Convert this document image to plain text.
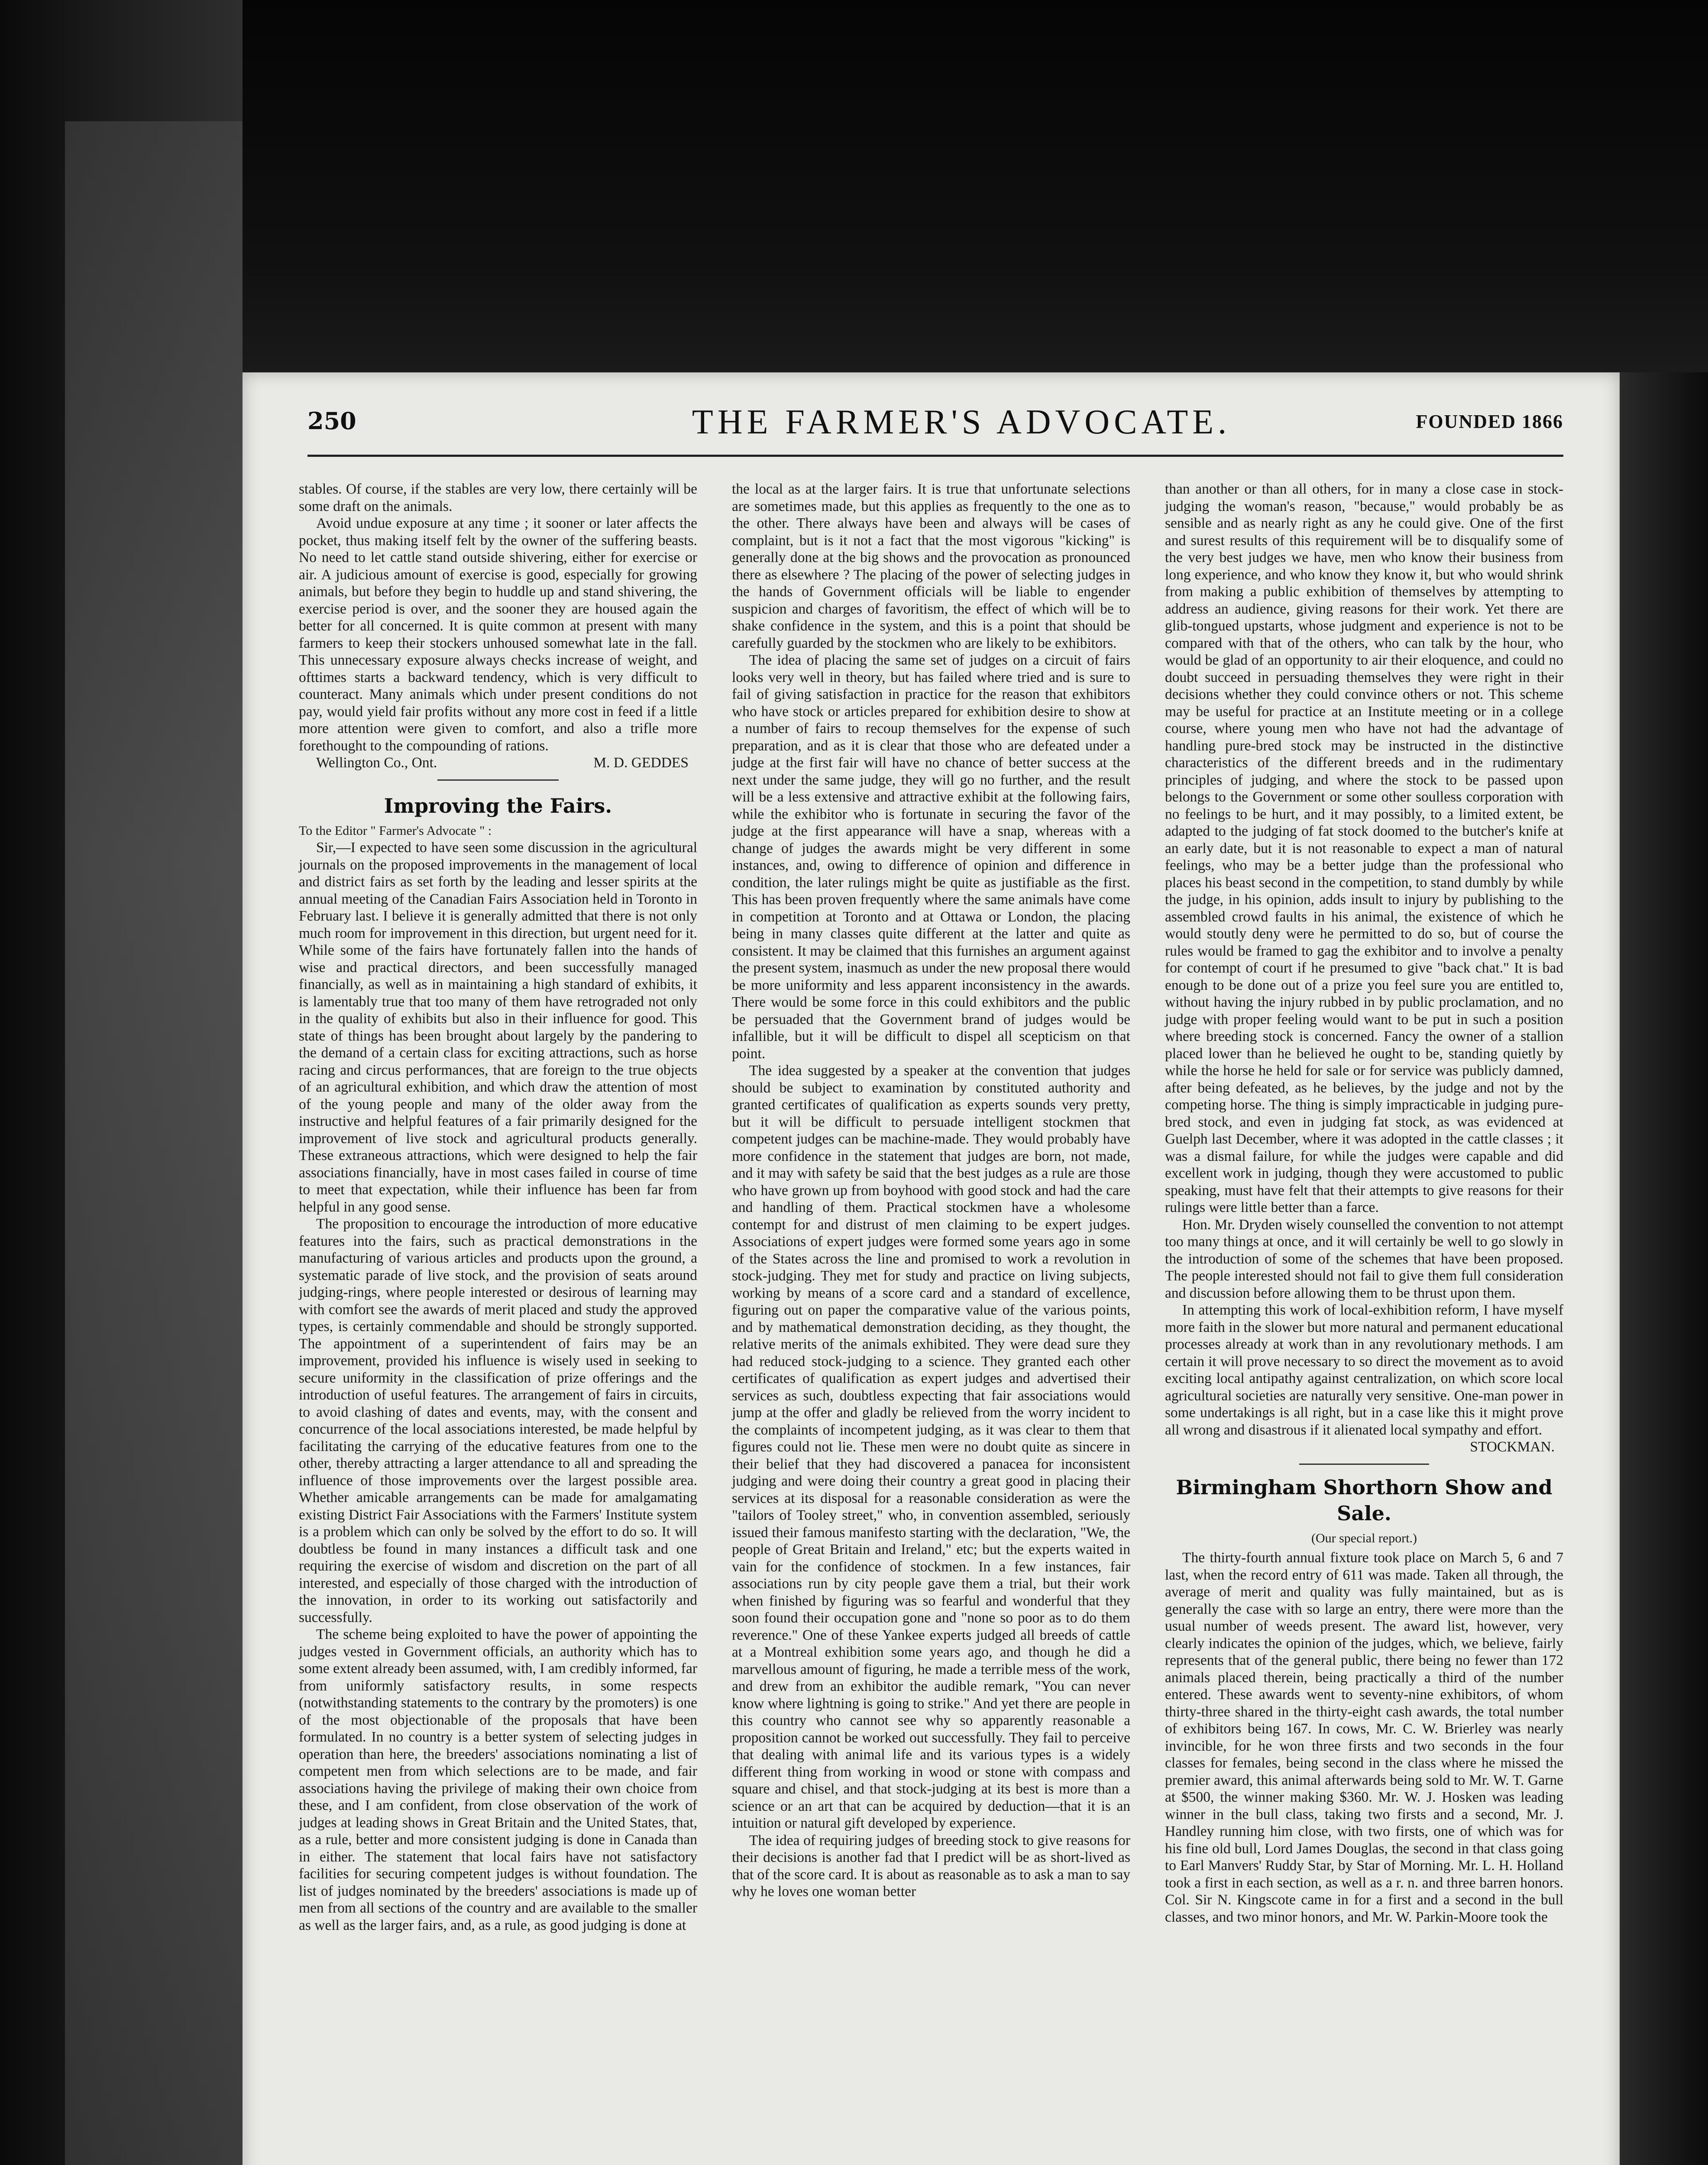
250	THE FARMER'S ADVOCATE.	FOUNDED 1866

stables. Of course, if the stables are very low, there certainly will be some draft on the animals.

Avoid undue exposure at any time ; it sooner or later affects the pocket, thus making itself felt by the owner of the suffering beasts. No need to let cattle stand outside shivering, either for exercise or air. A judicious amount of exercise is good, especially for growing animals, but before they begin to huddle up and stand shivering, the exercise period is over, and the sooner they are housed again the better for all concerned. It is quite common at present with many farmers to keep their stockers unhoused somewhat late in the fall. This unnecessary exposure always checks increase of weight, and ofttimes starts a backward tendency, which is very difficult to counteract. Many animals which under present conditions do not pay, would yield fair profits without any more cost in feed if a little more attention were given to comfort, and also a trifle more forethought to the compounding of rations.

Wellington Co., Ont.	M. D. GEDDES
Improving the Fairs.

To the Editor " Farmer's Advocate " :

Sir,—I expected to have seen some discussion in the agricultural journals on the proposed improvements in the management of local and district fairs as set forth by the leading and lesser spirits at the annual meeting of the Canadian Fairs Association held in Toronto in February last. I believe it is generally admitted that there is not only much room for improvement in this direction, but urgent need for it. While some of the fairs have fortunately fallen into the hands of wise and practical directors, and been successfully managed financially, as well as in maintaining a high standard of exhibits, it is lamentably true that too many of them have retrograded not only in the quality of exhibits but also in their influence for good. This state of things has been brought about largely by the pandering to the demand of a certain class for exciting attractions, such as horse racing and circus performances, that are foreign to the true objects of an agricultural exhibition, and which draw the attention of most of the young people and many of the older away from the instructive and helpful features of a fair primarily designed for the improvement of live stock and agricultural products generally. These extraneous attractions, which were designed to help the fair associations financially, have in most cases failed in course of time to meet that expectation, while their influence has been far from helpful in any good sense.

The proposition to encourage the introduction of more educative features into the fairs, such as practical demonstrations in the manufacturing of various articles and products upon the ground, a systematic parade of live stock, and the provision of seats around judging-rings, where people interested or desirous of learning may with comfort see the awards of merit placed and study the approved types, is certainly commendable and should be strongly supported. The appointment of a superintendent of fairs may be an improvement, provided his influence is wisely used in seeking to secure uniformity in the classification of prize offerings and the introduction of useful features. The arrangement of fairs in circuits, to avoid clashing of dates and events, may, with the consent and concurrence of the local associations interested, be made helpful by facilitating the carrying of the educative features from one to the other, thereby attracting a larger attendance to all and spreading the influence of those improvements over the largest possible area. Whether amicable arrangements can be made for amalgamating existing District Fair Associations with the Farmers' Institute system is a problem which can only be solved by the effort to do so. It will doubtless be found in many instances a difficult task and one requiring the exercise of wisdom and discretion on the part of all interested, and especially of those charged with the introduction of the innovation, in order to its working out satisfactorily and successfully.

The scheme being exploited to have the power of appointing the judges vested in Government officials, an authority which has to some extent already been assumed, with, I am credibly informed, far from uniformly satisfactory results, in some respects (notwithstanding statements to the contrary by the promoters) is one of the most objectionable of the proposals that have been formulated. In no country is a better system of selecting judges in operation than here, the breeders' associations nominating a list of competent men from which selections are to be made, and fair associations having the privilege of making their own choice from these, and I am confident, from close observation of the work of judges at leading shows in Great Britain and the United States, that, as a rule, better and more consistent judging is done in Canada than in either. The statement that local fairs have not satisfactory facilities for securing competent judges is without foundation. The list of judges nominated by the breeders' associations is made up of men from all sections of the country and are available to the smaller as well as the larger fairs, and, as a rule, as good judging is done at

the local as at the larger fairs. It is true that unfortunate selections are sometimes made, but this applies as frequently to the one as to the other. There always have been and always will be cases of complaint, but is it not a fact that the most vigorous "kicking" is generally done at the big shows and the provocation as pronounced there as elsewhere ? The placing of the power of selecting judges in the hands of Government officials will be liable to engender suspicion and charges of favoritism, the effect of which will be to shake confidence in the system, and this is a point that should be carefully guarded by the stockmen who are likely to be exhibitors.

The idea of placing the same set of judges on a circuit of fairs looks very well in theory, but has failed where tried and is sure to fail of giving satisfaction in practice for the reason that exhibitors who have stock or articles prepared for exhibition desire to show at a number of fairs to recoup themselves for the expense of such preparation, and as it is clear that those who are defeated under a judge at the first fair will have no chance of better success at the next under the same judge, they will go no further, and the result will be a less extensive and attractive exhibit at the following fairs, while the exhibitor who is fortunate in securing the favor of the judge at the first appearance will have a snap, whereas with a change of judges the awards might be very different in some instances, and, owing to difference of opinion and difference in condition, the later rulings might be quite as justifiable as the first. This has been proven frequently where the same animals have come in competition at Toronto and at Ottawa or London, the placing being in many classes quite different at the latter and quite as consistent. It may be claimed that this furnishes an argument against the present system, inasmuch as under the new proposal there would be more uniformity and less apparent inconsistency in the awards. There would be some force in this could exhibitors and the public be persuaded that the Government brand of judges would be infallible, but it will be difficult to dispel all scepticism on that point.

The idea suggested by a speaker at the convention that judges should be subject to examination by constituted authority and granted certificates of qualification as experts sounds very pretty, but it will be difficult to persuade intelligent stockmen that competent judges can be machine-made. They would probably have more confidence in the statement that judges are born, not made, and it may with safety be said that the best judges as a rule are those who have grown up from boyhood with good stock and had the care and handling of them. Practical stockmen have a wholesome contempt for and distrust of men claiming to be expert judges. Associations of expert judges were formed some years ago in some of the States across the line and promised to work a revolution in stock-judging. They met for study and practice on living subjects, working by means of a score card and a standard of excellence, figuring out on paper the comparative value of the various points, and by mathematical demonstration deciding, as they thought, the relative merits of the animals exhibited. They were dead sure they had reduced stock-judging to a science. They granted each other certificates of qualification as expert judges and advertised their services as such, doubtless expecting that fair associations would jump at the offer and gladly be relieved from the worry incident to the complaints of incompetent judging, as it was clear to them that figures could not lie. These men were no doubt quite as sincere in their belief that they had discovered a panacea for inconsistent judging and were doing their country a great good in placing their services at its disposal for a reasonable consideration as were the "tailors of Tooley street," who, in convention assembled, seriously issued their famous manifesto starting with the declaration, "We, the people of Great Britain and Ireland," etc; but the experts waited in vain for the confidence of stockmen. In a few instances, fair associations run by city people gave them a trial, but their work when finished by figuring was so fearful and wonderful that they soon found their occupation gone and "none so poor as to do them reverence." One of these Yankee experts judged all breeds of cattle at a Montreal exhibition some years ago, and though he did a marvellous amount of figuring, he made a terrible mess of the work, and drew from an exhibitor the audible remark, "You can never know where lightning is going to strike." And yet there are people in this country who cannot see why so apparently reasonable a proposition cannot be worked out successfully. They fail to perceive that dealing with animal life and its various types is a widely different thing from working in wood or stone with compass and square and chisel, and that stock-judging at its best is more than a science or an art that can be acquired by deduction—that it is an intuition or natural gift developed by experience.

The idea of requiring judges of breeding stock to give reasons for their decisions is another fad that I predict will be as short-lived as that of the score card. It is about as reasonable as to ask a man to say why he loves one woman better

than another or than all others, for in many a close case in stock-judging the woman's reason, "because," would probably be as sensible and as nearly right as any he could give. One of the first and surest results of this requirement will be to disqualify some of the very best judges we have, men who know their business from long experience, and who know they know it, but who would shrink from making a public exhibition of themselves by attempting to address an audience, giving reasons for their work. Yet there are glib-tongued upstarts, whose judgment and experience is not to be compared with that of the others, who can talk by the hour, who would be glad of an opportunity to air their eloquence, and could no doubt succeed in persuading themselves they were right in their decisions whether they could convince others or not. This scheme may be useful for practice at an Institute meeting or in a college course, where young men who have not had the advantage of handling pure-bred stock may be instructed in the distinctive characteristics of the different breeds and in the rudimentary principles of judging, and where the stock to be passed upon belongs to the Government or some other soulless corporation with no feelings to be hurt, and it may possibly, to a limited extent, be adapted to the judging of fat stock doomed to the butcher's knife at an early date, but it is not reasonable to expect a man of natural feelings, who may be a better judge than the professional who places his beast second in the competition, to stand dumbly by while the judge, in his opinion, adds insult to injury by publishing to the assembled crowd faults in his animal, the existence of which he would stoutly deny were he permitted to do so, but of course the rules would be framed to gag the exhibitor and to involve a penalty for contempt of court if he presumed to give "back chat." It is bad enough to be done out of a prize you feel sure you are entitled to, without having the injury rubbed in by public proclamation, and no judge with proper feeling would want to be put in such a position where breeding stock is concerned. Fancy the owner of a stallion placed lower than he believed he ought to be, standing quietly by while the horse he held for sale or for service was publicly damned, after being defeated, as he believes, by the judge and not by the competing horse. The thing is simply impracticable in judging pure-bred stock, and even in judging fat stock, as was evidenced at Guelph last December, where it was adopted in the cattle classes ; it was a dismal failure, for while the judges were capable and did excellent work in judging, though they were accustomed to public speaking, must have felt that their attempts to give reasons for their rulings were little better than a farce.

Hon. Mr. Dryden wisely counselled the convention to not attempt too many things at once, and it will certainly be well to go slowly in the introduction of some of the schemes that have been proposed. The people interested should not fail to give them full consideration and discussion before allowing them to be thrust upon them.

In attempting this work of local-exhibition reform, I have myself more faith in the slower but more natural and permanent educational processes already at work than in any revolutionary methods. I am certain it will prove necessary to so direct the movement as to avoid exciting local antipathy against centralization, on which score local agricultural societies are naturally very sensitive. One-man power in some undertakings is all right, but in a case like this it might prove all wrong and disastrous if it alienated local sympathy and effort.

STOCKMAN.
Birmingham Shorthorn Show and Sale.
(Our special report.)

The thirty-fourth annual fixture took place on March 5, 6 and 7 last, when the record entry of 611 was made. Taken all through, the average of merit and quality was fully maintained, but as is generally the case with so large an entry, there were more than the usual number of weeds present. The award list, however, very clearly indicates the opinion of the judges, which, we believe, fairly represents that of the general public, there being no fewer than 172 animals placed therein, being practically a third of the number entered. These awards went to seventy-nine exhibitors, of whom thirty-three shared in the thirty-eight cash awards, the total number of exhibitors being 167. In cows, Mr. C. W. Brierley was nearly invincible, for he won three firsts and two seconds in the four classes for females, being second in the class where he missed the premier award, this animal afterwards being sold to Mr. W. T. Garne at $500, the winner making $360. Mr. W. J. Hosken was leading winner in the bull class, taking two firsts and a second, Mr. J. Handley running him close, with two firsts, one of which was for his fine old bull, Lord James Douglas, the second in that class going to Earl Manvers' Ruddy Star, by Star of Morning. Mr. L. H. Holland took a first in each section, as well as a r. n. and three barren honors. Col. Sir N. Kingscote came in for a first and a second in the bull classes, and two minor honors, and Mr. W. Parkin-Moore took the
